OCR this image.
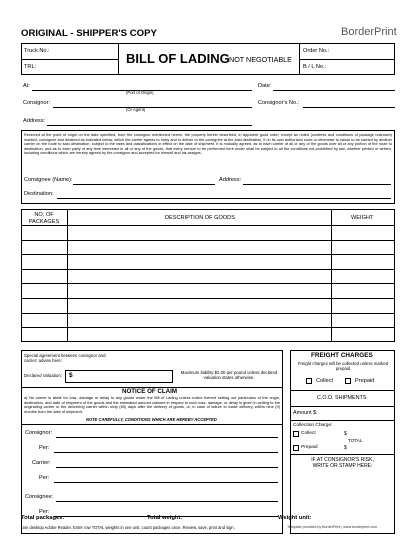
ORIGINAL - SHIPPER'S COPY	BorderPrint
Truck No.:
TRL:
BILL OF LADING NOT NEGOTIABLE
Order No.:
B / L No.:
At:
(Port of Origin)
Date:
Consignor:
(Or Agent)
Consignor's No.:
Address:
Received at the point of origin on the date specified, from the consignor mentioned herein, the property herein described, in apparent good order, except as noted (contents and conditions of package unknown) marked, consignee and destined as indicated below, which the carrier agrees to carry and to deliver to the consignee at the said destination, if on its own authorized route or otherwise to cause to be carried by another carrier on the route to said destination, subject to the rates and classifications in effect on the date of shipment. It is mutually agreed, as to each carrier of all or any of the goods over all or any portion of the route to destination, and as to each party of any time interested in all or any of the goods, that every service to be performed here under shall be subject to all the conditions not prohibited by law, whether printed or written, including conditions which are hereby agreed by the consignor and accepted for himself and his assigns.
Consignee (Name):	Address:
Destination:
NO. OF
PACKAGES
DESCRIPTION OF GOODS	WEIGHT
Special agreement between consignor and carrier; advise here:
Declared Valuation: $	Maximum liability $2.00 per pound unless declared valuation states otherwise.
NOTICE OF CLAIM
a) No carrier is liable for loss, damage or delay to any goods under the Bill of Lading unless notice thereof setting out particulars of the origin, destination, and date of shipment of the goods and the estimated amount claimed in respect to such loss, damage, or delay is given in writing to the originating carrier or the delivering carrier within sixty (60) days after the delivery of goods, or, in case of failure to make delivery, within nine (9) months from the date of shipment.
NOTE CAREFULLY, CONDITIONS WHICH ARE HEREBY ACCEPTED
Consignor:
Per:
Carrier:
Per:
Consignee:
Per:
FREIGHT CHARGES
Freight charges will be collected unless marked prepaid
Collect	Prepaid
C.O.D. SHIPMENTS
Amount $:
Collection Charge:
Collect	$
TOTAL
Prepaid	$
IF AT CONSIGNOR'S RISK,
WRITE OR STAMP HERE:
Total packages:	Total weight:	Weight unit:
Use desktop Adobe Reader. Enter row TOTAL weights in one unit, count packages once. Review, save, print and sign.	Template provided by BorderPrint | www.borderprint.com
